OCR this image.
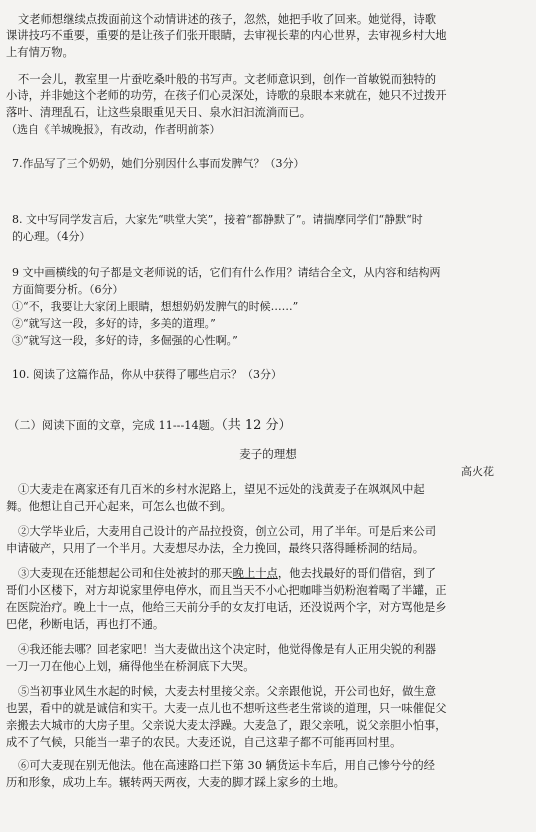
文老师想继续点拨面前这个动情讲述的孩子，忽然，她把手收了回来。她觉得，诗歌

课讲技巧不重要，重要的是让孩子们张开眼睛，去审视长辈的内心世界，去审视乡村大地

上有情万物。

不一会儿，教室里一片蚕吃桑叶般的书写声。文老师意识到，创作一首敏锐而独特的

小诗，并非她这个老师的功劳，在孩子们心灵深处，诗歌的泉眼本来就在，她只不过拨开

落叶、清理乱石，让这些泉眼重见天日、泉水汩汩流淌而已。

（选自《羊城晚报》，有改动，作者明前茶）

7.作品写了三个奶奶，她们分别因什么事而发脾气？（3分）

8. 文中写同学发言后，大家先“哄堂大笑”，接着“都静默了”。请揣摩同学们“静默“时

的心理。（4分）

9 文中画横线的句子都是文老师说的话，它们有什么作用？请结合全文，从内容和结构两

方面简要分析。（6分）

①“不，我要让大家闭上眼睛，想想奶奶发脾气的时候……”

②“就写这一段，多好的诗，多美的道理。”

③“就写这一段，多好的诗，多倔强的心性啊。”

10. 阅读了这篇作品，你从中获得了哪些启示？（3分）

（二）阅读下面的文章，完成 11---14题。（共 12 分）

麦子的理想

高火花

①大麦走在离家还有几百米的乡村水泥路上，望见不远处的浅黄麦子在飒飒风中起

舞。他想让自己开心起来，可怎么也做不到。

②大学毕业后，大麦用自己设计的产品拉投资，创立公司，用了半年。可是后来公司

申请破产，只用了一个半月。大麦想尽办法，全力挽回，最终只落得睡桥洞的结局。

③大麦现在还能想起公司和住处被封的那天晚上十点，他去找最好的哥们借宿，到了

哥们小区楼下，对方却说家里停电停水，而且当天不小心把咖啡当奶粉泡着喝了半罐，正

在医院治疗。晚上十一点，他给三天前分手的女友打电话，还没说两个字，对方骂他是乡

巴佬，秒断电话，再也打不通。

④我还能去哪？回老家吧！当大麦做出这个决定时，他觉得像是有人正用尖锐的利器

一刀一刀在他心上划，痛得他坐在桥洞底下大哭。

⑤当初事业风生水起的时候，大麦去村里接父亲。父亲跟他说，开公司也好，做生意

也罢，看中的就是诚信和实干。大麦一点儿也不想听这些老生常谈的道理，只一味催促父

亲搬去大城市的大房子里。父亲说大麦太浮躁。大麦急了，跟父亲吼，说父亲胆小怕事，

成不了气候，只能当一辈子的农民。大麦还说，自己这辈子都不可能再回村里。

⑥可大麦现在别无他法。他在高速路口拦下第 30 辆货运卡车后，用自己惨兮兮的经

历和形象，成功上车。辗转两天两夜，大麦的脚才踩上家乡的土地。
